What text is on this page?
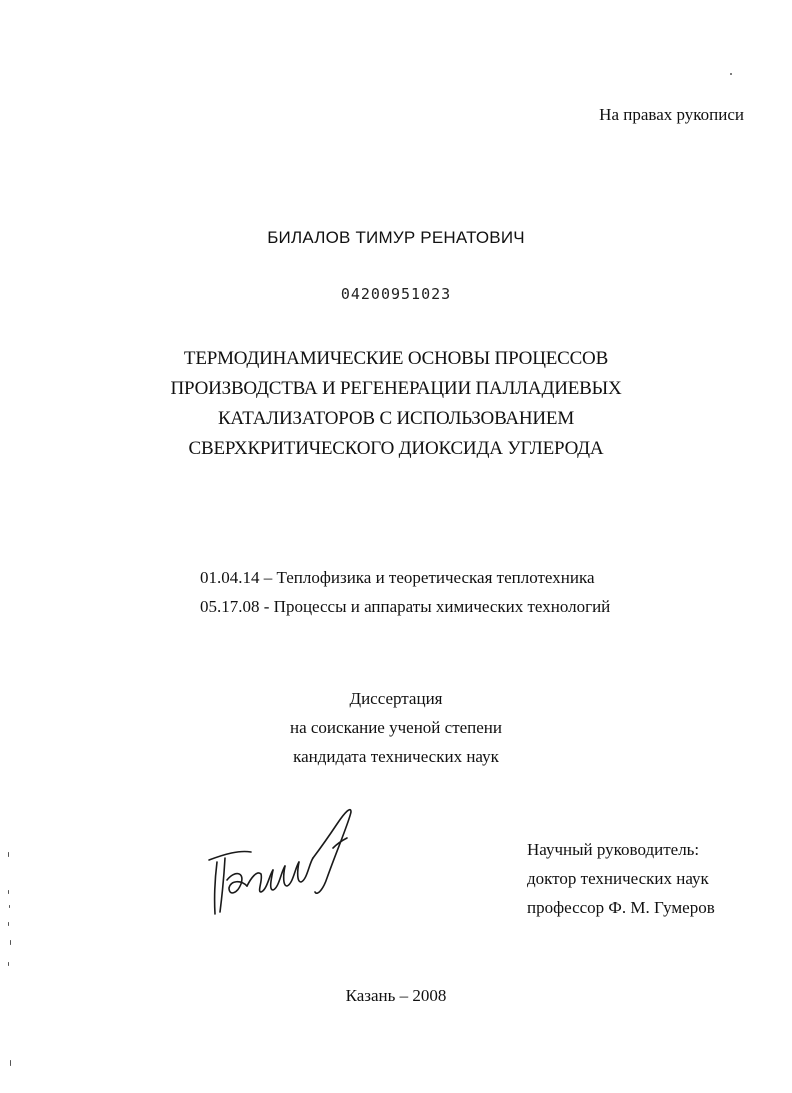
На правах рукописи
БИЛАЛОВ ТИМУР РЕНАТОВИЧ
04200951023
ТЕРМОДИНАМИЧЕСКИЕ ОСНОВЫ ПРОЦЕССОВ
ПРОИЗВОДСТВА И РЕГЕНЕРАЦИИ ПАЛЛАДИЕВЫХ
КАТАЛИЗАТОРОВ С ИСПОЛЬЗОВАНИЕМ
СВЕРХКРИТИЧЕСКОГО ДИОКСИДА УГЛЕРОДА
01.04.14 – Теплофизика и теоретическая теплотехника
05.17.08 - Процессы и аппараты химических технологий
Диссертация
на соискание ученой степени
кандидата технических наук
Научный руководитель:
доктор технических наук
профессор Ф. М. Гумеров
Казань – 2008
